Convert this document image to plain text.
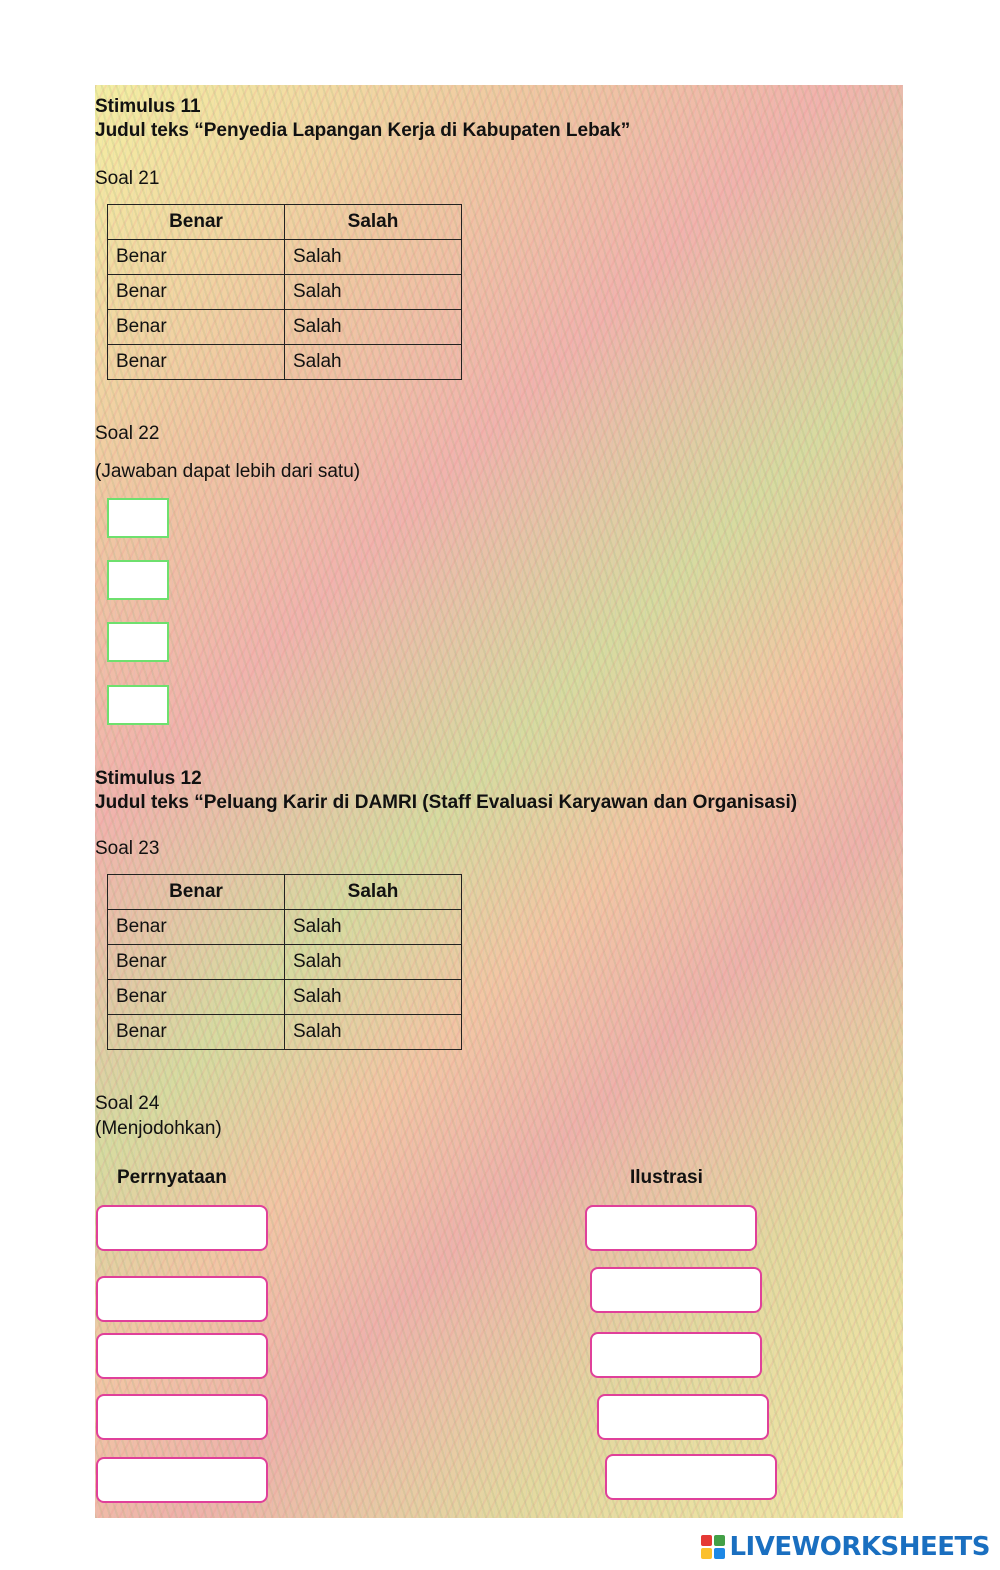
Stimulus 11

Judul teks “Penyedia Lapangan Kerja di Kabupaten Lebak”

Soal 21

Benar	Salah
Benar	Salah
Benar	Salah
Benar	Salah
Benar	Salah

Soal 22

(Jawaban dapat lebih dari satu)

Stimulus 12

Judul teks “Peluang Karir di DAMRI (Staff Evaluasi Karyawan dan Organisasi)

Soal 23

Benar	Salah
Benar	Salah
Benar	Salah
Benar	Salah
Benar	Salah

Soal 24

(Menjodohkan)

Perrnyataan	Ilustrasi

LIVEWORKSHEETS
